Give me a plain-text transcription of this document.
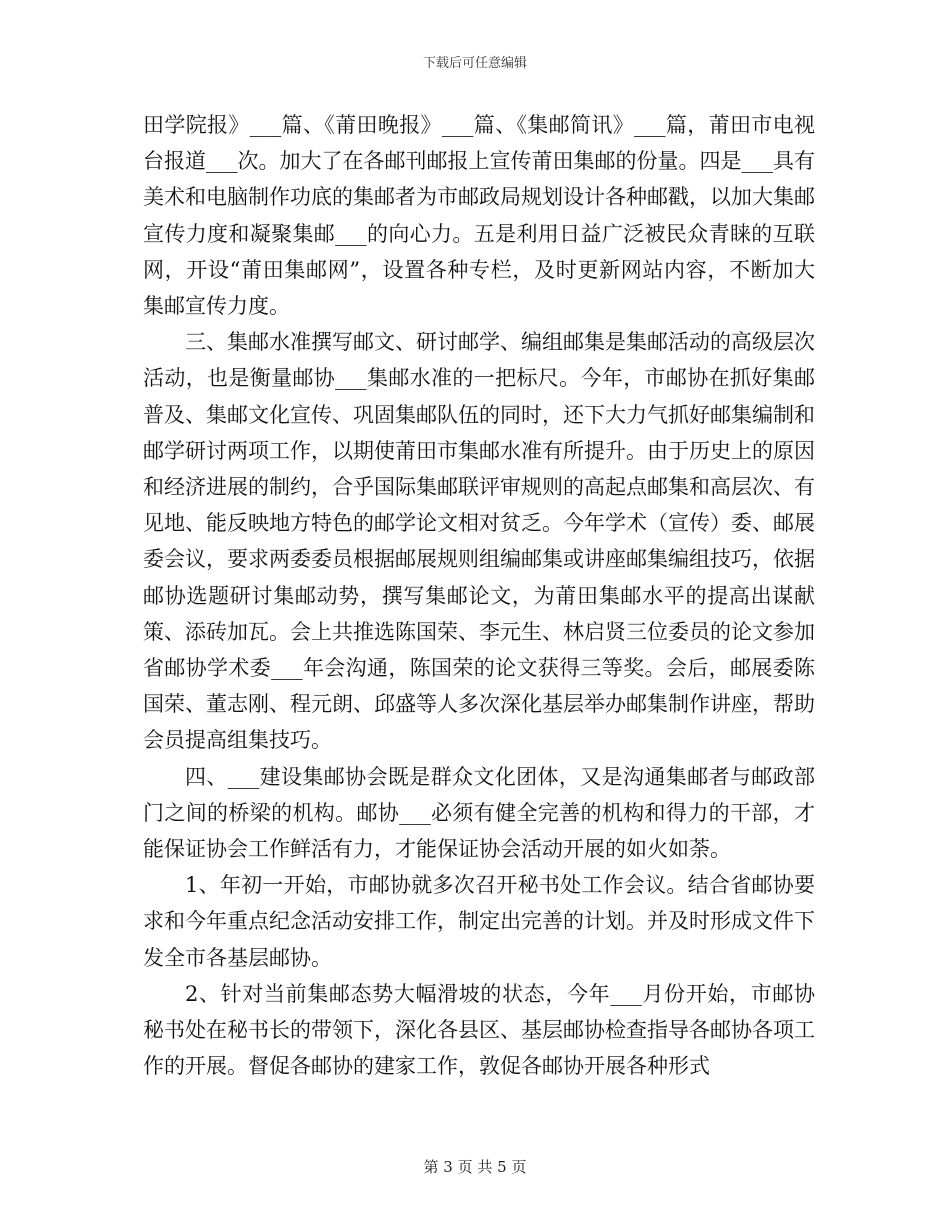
下载后可任意编辑

田学院报》___篇、《莆田晚报》___篇、《集邮简讯》___篇，莆田市电视台报道___次。加大了在各邮刊邮报上宣传莆田集邮的份量。四是___具有美术和电脑制作功底的集邮者为市邮政局规划设计各种邮戳，以加大集邮宣传力度和凝聚集邮___的向心力。五是利用日益广泛被民众青睐的互联网，开设“莆田集邮网”，设置各种专栏，及时更新网站内容，不断加大集邮宣传力度。

三、集邮水准撰写邮文、研讨邮学、编组邮集是集邮活动的高级层次活动，也是衡量邮协___集邮水准的一把标尺。今年，市邮协在抓好集邮普及、集邮文化宣传、巩固集邮队伍的同时，还下大力气抓好邮集编制和邮学研讨两项工作，以期使莆田市集邮水准有所提升。由于历史上的原因和经济进展的制约，合乎国际集邮联评审规则的高起点邮集和高层次、有见地、能反映地方特色的邮学论文相对贫乏。今年学术（宣传）委、邮展委会议，要求两委委员根据邮展规则组编邮集或讲座邮集编组技巧，依据邮协选题研讨集邮动势，撰写集邮论文，为莆田集邮水平的提高出谋献策、添砖加瓦。会上共推选陈国荣、李元生、林启贤三位委员的论文参加省邮协学术委___年会沟通，陈国荣的论文获得三等奖。会后，邮展委陈国荣、董志刚、程元朗、邱盛等人多次深化基层举办邮集制作讲座，帮助会员提高组集技巧。

四、___建设集邮协会既是群众文化团体，又是沟通集邮者与邮政部门之间的桥梁的机构。邮协___必须有健全完善的机构和得力的干部，才能保证协会工作鲜活有力，才能保证协会活动开展的如火如荼。

1、年初一开始，市邮协就多次召开秘书处工作会议。结合省邮协要求和今年重点纪念活动安排工作，制定出完善的计划。并及时形成文件下发全市各基层邮协。

2、针对当前集邮态势大幅滑坡的状态，今年___月份开始，市邮协秘书处在秘书长的带领下，深化各县区、基层邮协检查指导各邮协各项工作的开展。督促各邮协的建家工作，敦促各邮协开展各种形式

第 3 页 共 5 页
